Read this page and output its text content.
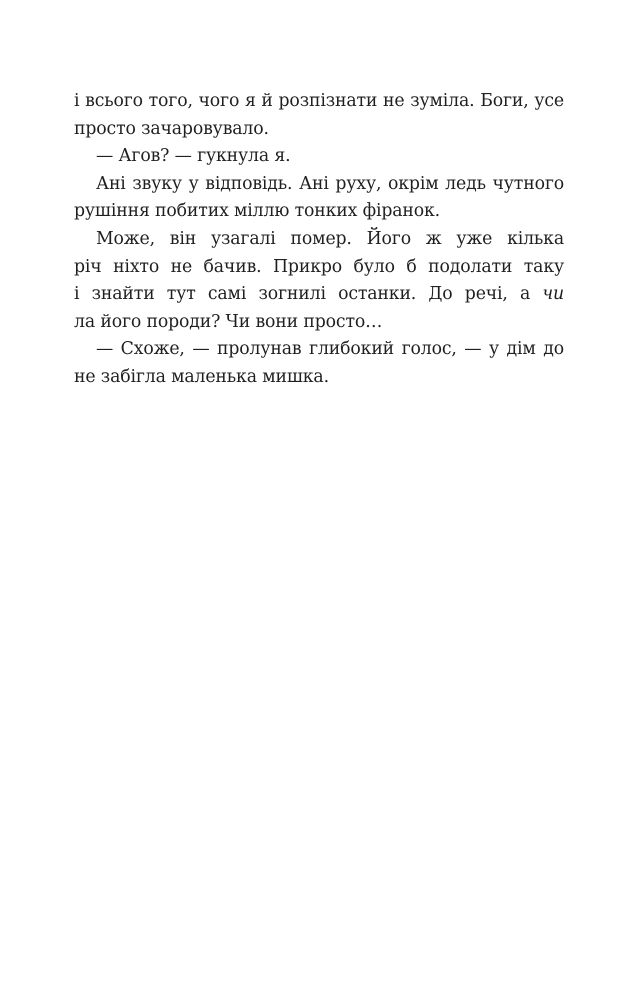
і всього того, чого я й розпізнати не зуміла. Боги, усе
просто зачаровувало.
— Агов? — гукнула я.
Ані звуку у відповідь. Ані руху, окрім ледь чутного
рушіння побитих міллю тонких фіранок.
Може, він узагалі помер. Його ж уже кілька
річ ніхто не бачив. Прикро було б подолати таку
і знайти тут самі зогнилі останки. До речі, а чи
ла його породи? Чи вони просто…
— Схоже, — пролунав глибокий голос, — у дім до
не забігла маленька мишка.
